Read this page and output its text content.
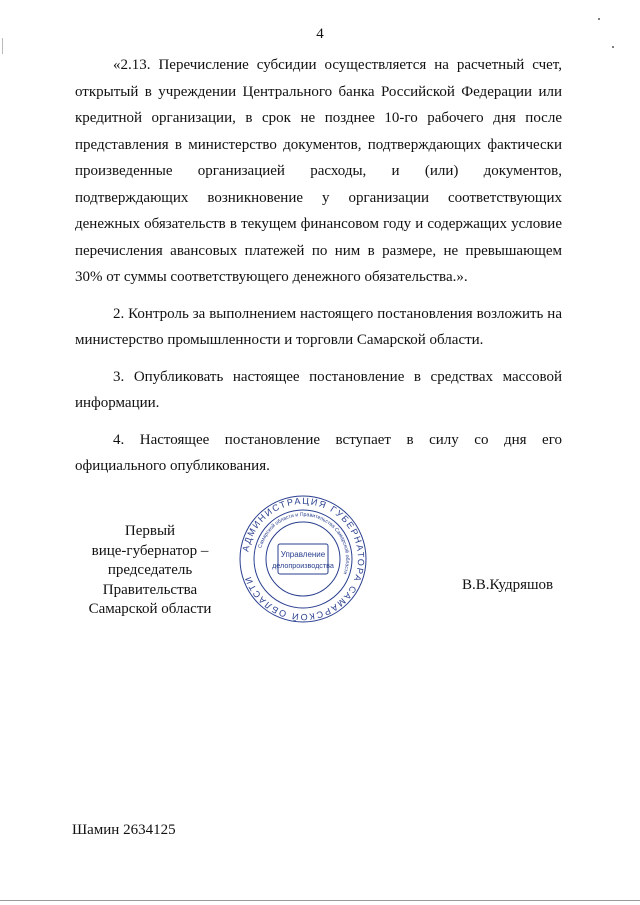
4

«2.13. Перечисление субсидии осуществляется на расчетный счет, открытый в учреждении Центрального банка Российской Федерации или кредитной организации, в срок не позднее 10-го рабочего дня после представления в министерство документов, подтверждающих фактически произведенные организацией расходы, и (или) документов, подтверждающих возникновение у организации соответствующих денежных обязательств в текущем финансовом году и содержащих условие перечисления авансовых платежей по ним в размере, не превышающем 30% от суммы соответствующего денежного обязательства.».

2. Контроль за выполнением настоящего постановления возложить на министерство промышленности и торговли Самарской области.

3. Опубликовать настоящее постановление в средствах массовой информации.

4. Настоящее постановление вступает в силу со дня его официального опубликования.

Первый
вице-губернатор –
председатель Правительства
Самарской области
АДМИНИСТРАЦИЯ ГУБЕРНАТОРА САМАРСКОЙ ОБЛАСТИ
Самарской области и Правительства Самарской области
Управление
делопроизводства
В.В.Кудряшов
Шамин 2634125
